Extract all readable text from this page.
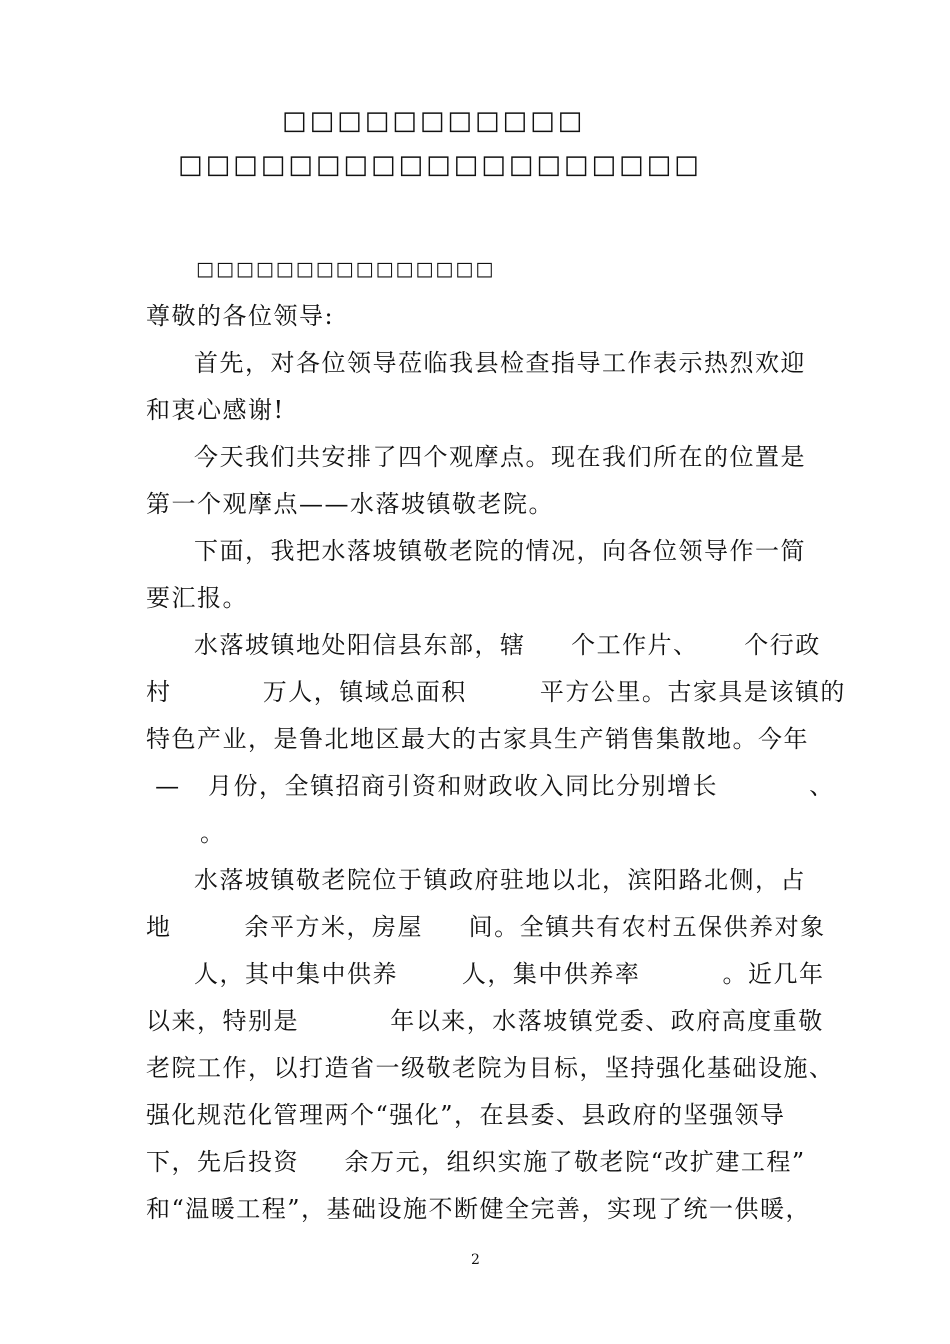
□□□□□□□□□□□
□□□□□□□□□□□□□□□□□□□
□□□□□□□□□□□□□□□
尊敬的各位领导:
首先，对各位领导莅临我县检查指导工作表示热烈欢迎
和衷心感谢!
今天我们共安排了四个观摩点。现在我们所在的位置是
第一个观摩点——水落坡镇敬老院。
下面，我把水落坡镇敬老院的情况，向各位领导作一简
要汇报。
水落坡镇地处阳信县东部，辖     个工作片、     个行政
村          万人，镇域总面积        平方公里。古家具是该镇的
特色产业，是鲁北地区最大的古家具生产销售集散地。今年
—   月份，全镇招商引资和财政收入同比分别增长          、
。
水落坡镇敬老院位于镇政府驻地以北，滨阳路北侧，占
地        余平方米，房屋     间。全镇共有农村五保供养对象
人，其中集中供养       人，集中供养率         。近几年
以来，特别是          年以来，水落坡镇党委、政府高度重敬
老院工作，以打造省一级敬老院为目标，坚持强化基础设施、
强化规范化管理两个“强化”，在县委、县政府的坚强领导
下，先后投资     余万元，组织实施了敬老院“改扩建工程”
和“温暖工程”，基础设施不断健全完善，实现了统一供暖，
2
